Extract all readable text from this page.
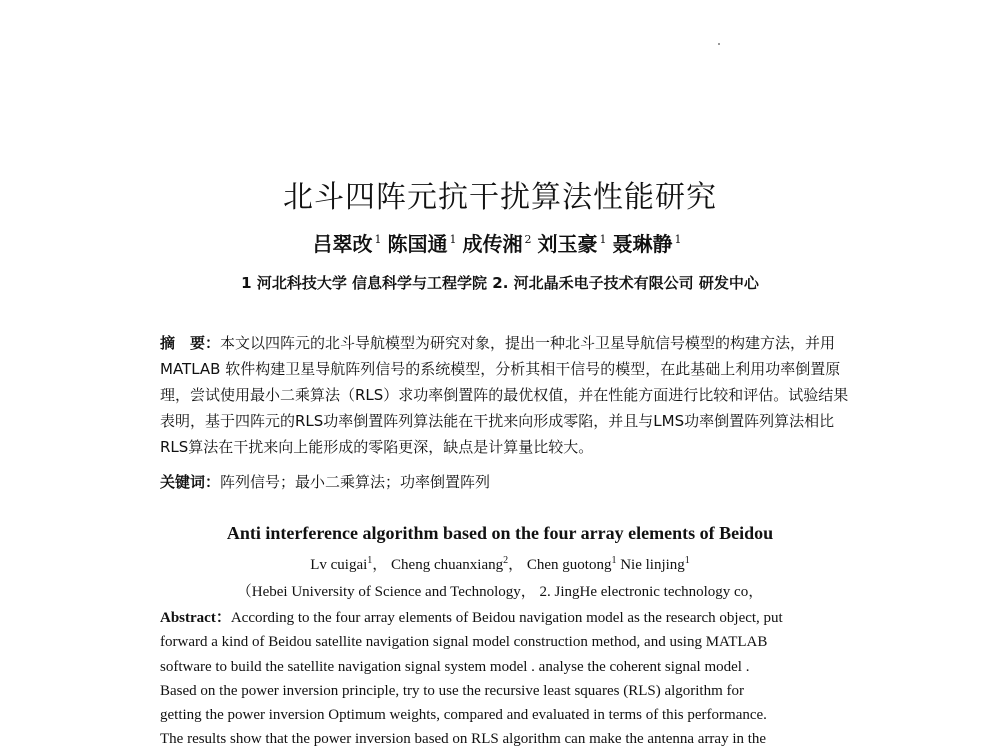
北斗四阵元抗干扰算法性能研究
吕翠改 $^1$ 陈国通 $^1$ 成传湘 $^2$ 刘玉豪 $^1$ 聂琳静 $^1$
1 河北科技大学 信息科学与工程学院 2. 河北晶禾电子技术有限公司 研发中心
摘　要：本文以四阵元的北斗导航模型为研究对象，提出一种北斗卫星导航信号模型的构建方法，并用MATLAB 软件构建卫星导航阵列信号的系统模型，分析其相干信号的模型，在此基础上利用功率倒置原理，尝试使用最小二乘算法（RLS）求功率倒置阵的最优权值，并在性能方面进行比较和评估。试验结果表明，基于四阵元的RLS功率倒置阵列算法能在干扰来向形成零陷，并且与LMS功率倒置阵列算法相比RLS算法在干扰来向上能形成的零陷更深，缺点是计算量比较大。
关键词：阵列信号；最小二乘算法；功率倒置阵列
Anti interference algorithm based on the four array elements of Beidou
Lv cuigai$^1$， Cheng chuanxiang$^2$， Chen guotong$^1$ Nie linjing$^1$
（Hebei University of Science and Technology， 2. JingHe electronic technology co，
Abstract：According to the four array elements of Beidou navigation model as the research object, put
forward a kind of Beidou satellite navigation signal model construction method, and using MATLAB
software to build the satellite navigation signal system model . analyse the coherent signal model .
Based on the power inversion principle, try to use the recursive least squares (RLS) algorithm for
getting the power inversion Optimum weights, compared and evaluated in terms of this performance.
The results show that the power inversion based on RLS algorithm can make the antenna array in the
